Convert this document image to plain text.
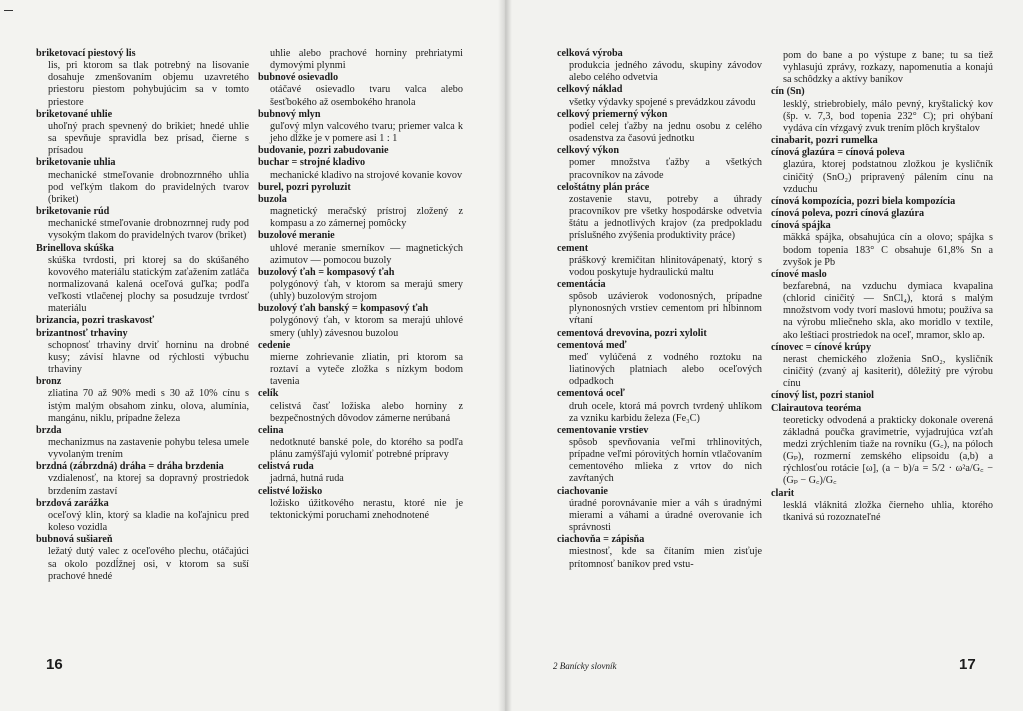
briketovací piestový lis
lis, pri ktorom sa tlak potrebný na lisovanie dosahuje zmenšovaním objemu uzavretého priestoru piestom pohybujúcim sa v tomto priestore
briketované uhlie
uhoľný prach spevnený do brikiet; hnedé uhlie sa spevňuje spravidla bez prísad, čierne s prísadou
briketovanie uhlia
mechanické stmeľovanie drobnozrnného uhlia pod veľkým tlakom do pravidelných tvarov (briket)
briketovanie rúd
mechanické stmeľovanie drobnozrnnej rudy pod vysokým tlakom do pravidelných tvarov (briket)
Brinellova skúška
skúška tvrdosti, pri ktorej sa do skúšaného kovového materiálu statickým zaťažením zatláča normalizovaná kalená oceľová guľka; podľa veľkosti vtlačenej plochy sa posudzuje tvrdosť materiálu
brizancia, pozri traskavosť
brizantnosť trhaviny
schopnosť trhaviny drviť horninu na drobné kusy; závisí hlavne od rýchlosti výbuchu trhaviny
bronz
zliatina 70 až 90% medi s 30 až 10% cínu s istým malým obsahom zinku, olova, alumínia, mangánu, niklu, prípadne železa
brzda
mechanizmus na zastavenie pohybu telesa umele vyvolaným trením
brzdná (zábrzdná) dráha = dráha brzdenia
vzdialenosť, na ktorej sa dopravný prostriedok brzdením zastaví
brzdová zarážka
oceľový klin, ktorý sa kladie na koľajnicu pred koleso vozidla
bubnová sušiareň
ležatý dutý valec z oceľového plechu, otáčajúci sa okolo pozdĺžnej osi, v ktorom sa suší prachové hnedé
uhlie alebo prachové horniny prehriatymi dymovými plynmi
bubnové osievadlo
otáčavé osievadlo tvaru valca alebo šesťbokého až osembokého hranola
bubnový mlyn
guľový mlyn valcového tvaru; priemer valca k jeho dĺžke je v pomere asi 1 : 1
budovanie, pozri zabudovanie
buchar = strojné kladivo
mechanické kladivo na strojové kovanie kovov
burel, pozri pyroluzit
buzola
magnetický meračský prístroj zložený z kompasu a zo zámernej pomôcky
buzolové meranie
uhlové meranie smerníkov — magnetických azimutov — pomocou buzoly
buzolový ťah = kompasový ťah
polygónový ťah, v ktorom sa merajú smery (uhly) buzolovým strojom
buzolový ťah banský = kompasový ťah
polygónový ťah, v ktorom sa merajú uhlové smery (uhly) závesnou buzolou
cedenie
mierne zohrievanie zliatin, pri ktorom sa roztaví a vyteče zložka s nízkym bodom tavenia
celík
celistvá časť ložiska alebo horniny z bezpečnostných dôvodov zámerne nerúbaná
celina
nedotknuté banské pole, do ktorého sa podľa plánu zamýšľajú vylomiť potrebné prípravy
celistvá ruda
jadrná, hutná ruda
celistvé ložisko
ložisko úžitkového nerastu, ktoré nie je tektonickými poruchami znehodnotené
celková výroba
produkcia jedného závodu, skupiny závodov alebo celého odvetvia
celkový náklad
všetky výdavky spojené s prevádzkou závodu
celkový priemerný výkon
podiel celej ťažby na jednu osobu z celého osadenstva za časovú jednotku
celkový výkon
pomer množstva ťažby a všetkých pracovníkov na závode
celoštátny plán práce
zostavenie stavu, potreby a úhrady pracovníkov pre všetky hospodárske odvetvia štátu a jednotlivých krajov (za predpokladu príslušného zvýšenia produktivity práce)
cement
práškový kremičitan hlinitovápenatý, ktorý s vodou poskytuje hydraulickú maltu
cementácia
spôsob uzávierok vodonosných, prípadne plynonosných vrstiev cementom pri hĺbinnom vŕtaní
cementová drevovina, pozri xylolit
cementová meď
meď vylúčená z vodného roztoku na liatinových platniach alebo oceľových odpadkoch
cementová oceľ
druh ocele, ktorá má povrch tvrdený uhlíkom za vzniku karbidu železa (Fe₃C)
cementovanie vrstiev
spôsob spevňovania veľmi trhlinovitých, prípadne veľmi pórovitých hornín vtlačovaním cementového mlieka z vrtov do nich zavŕtaných
ciachovanie
úradné porovnávanie mier a váh s úradnými mierami a váhami a úradné overovanie ich správnosti
ciachovňa = zápisňa
miestnosť, kde sa čítaním mien zisťuje prítomnosť baníkov pred vstu-
pom do bane a po výstupe z bane; tu sa tiež vyhlasujú zprávy, rozkazy, napomenutia a konajú sa schôdzky a aktívy baníkov
cín (Sn)
lesklý, striebrobiely, málo pevný, kryštalický kov (šp. v. 7,3, bod topenia 232° C); pri ohýbaní vydáva cín vŕzgavý zvuk trením plôch kryštalov
cinabarit, pozri rumelka
cínová glazúra = cínová poleva
glazúra, ktorej podstatnou zložkou je kysličník ciničitý (SnO₂) pripravený pálením cínu na vzduchu
cínová kompozícia, pozri biela kompozícia
cínová poleva, pozri cínová glazúra
cínová spájka
mäkká spájka, obsahujúca cín a olovo; spájka s bodom topenia 183° C obsahuje 61,8% Sn a zvyšok je Pb
cínové maslo
bezfarebná, na vzduchu dymiaca kvapalina (chlorid ciničitý — SnCl₄), ktorá s malým množstvom vody tvorí maslovú hmotu; používa sa na výrobu mliečneho skla, ako moridlo v textile, ako leštiaci prostriedok na oceľ, mramor, sklo ap.
cínovec = cínové krúpy
nerast chemického zloženia SnO₂, kysličník ciničitý (zvaný aj kasiterit), dôležitý pre výrobu cínu
cínový list, pozri staniol
Clairautova teoréma
teoreticky odvodená a prakticky dokonale overená základná poučka gravimetrie, vyjadrujúca vzťah medzi zrýchlením tiaže na rovníku (G꜀), na póloch (Gₚ), rozmerní zemského elipsoidu (a,b) a rýchlosťou rotácie [ω], (a − b)/a = 5/2 · ω²a/G꜀ − (Gₚ − G꜀)/G꜀
clarit
lesklá vláknitá zložka čierneho uhlia, ktorého tkanivá sú rozoznateľné
16	2 Banícky slovník	17
